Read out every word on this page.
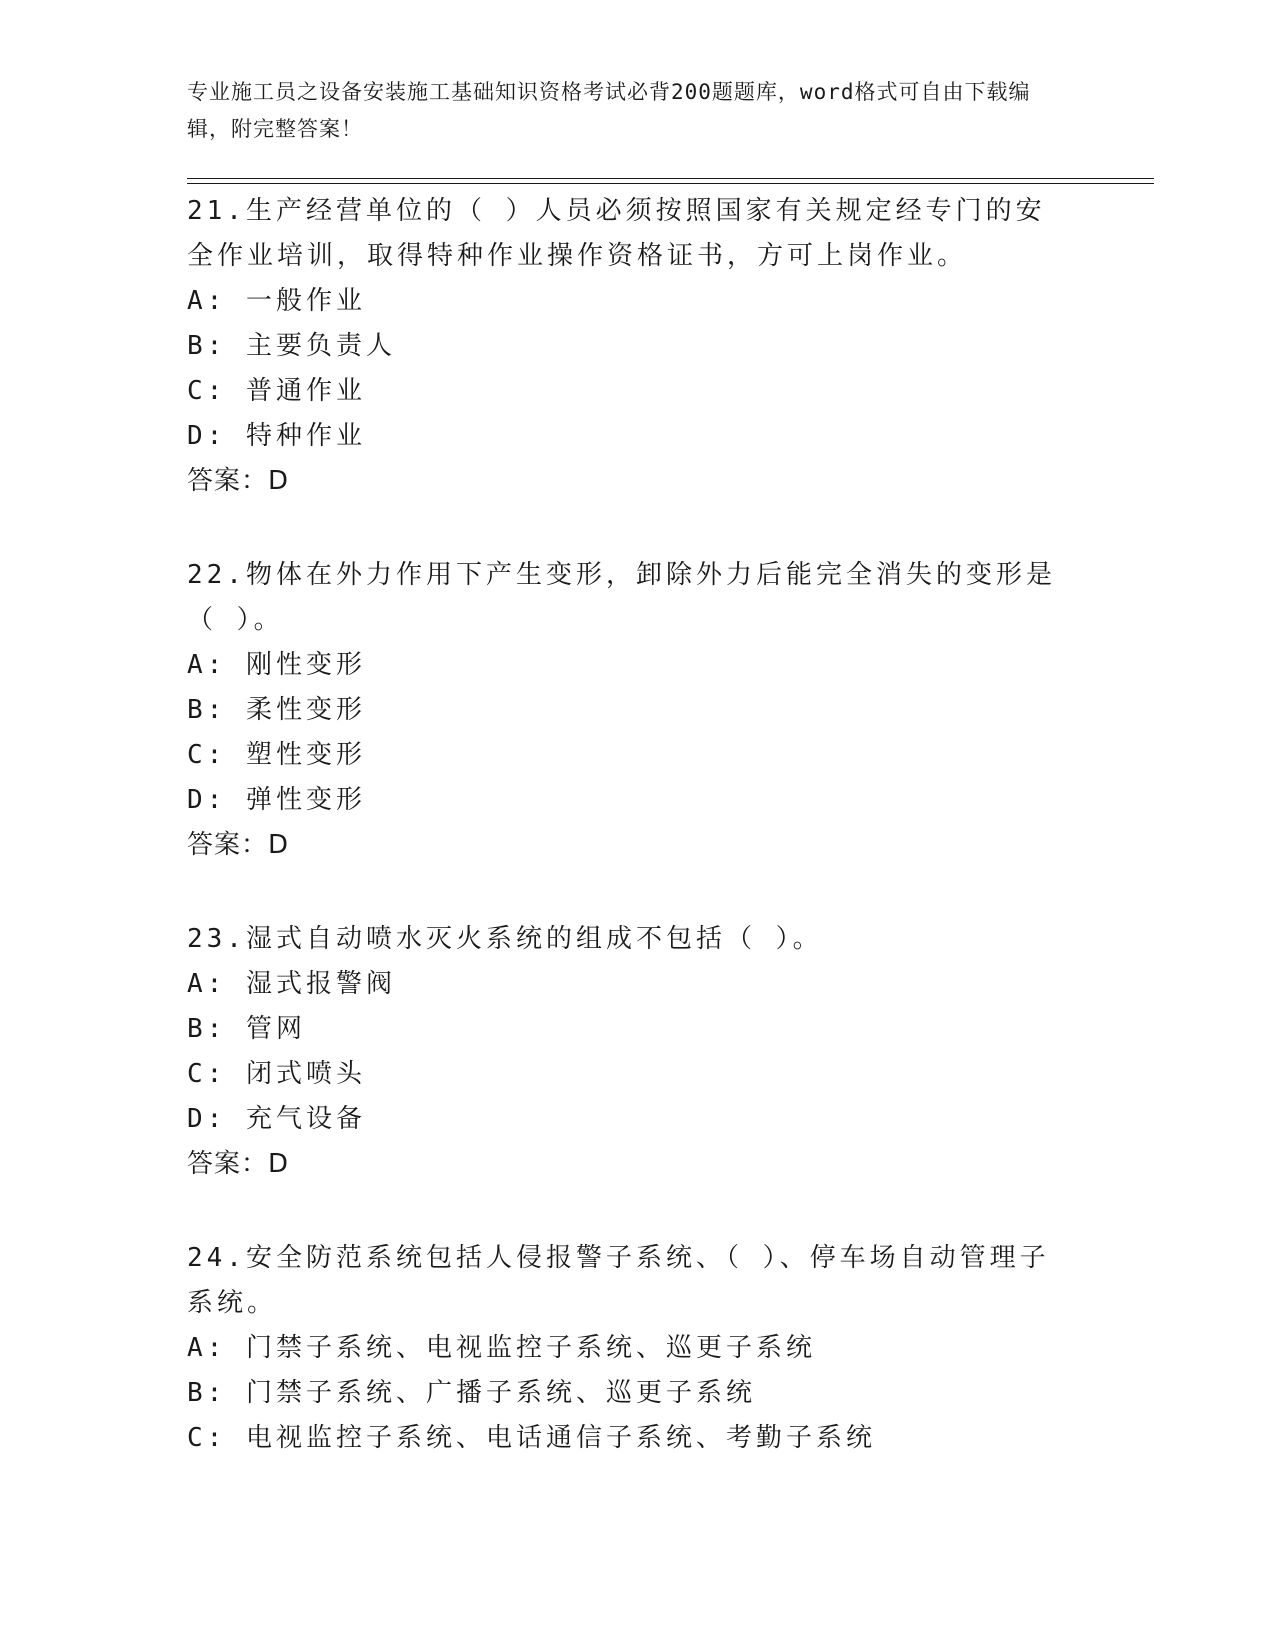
专业施工员之设备安装施工基础知识资格考试必背200题题库，word格式可自由下载编辑，附完整答案！

21.生产经营单位的（ ）人员必须按照国家有关规定经专门的安全作业培训，取得特种作业操作资格证书，方可上岗作业。

A: 一般作业

B: 主要负责人

C: 普通作业

D: 特种作业

答案：D

22.物体在外力作用下产生变形，卸除外力后能完全消失的变形是（ ）。

A: 刚性变形

B: 柔性变形

C: 塑性变形

D: 弹性变形

答案：D

23.湿式自动喷水灭火系统的组成不包括（ ）。

A: 湿式报警阀

B: 管网

C: 闭式喷头

D: 充气设备

答案：D

24.安全防范系统包括人侵报警子系统、（ ）、停车场自动管理子系统。

A: 门禁子系统、电视监控子系统、巡更子系统

B: 门禁子系统、广播子系统、巡更子系统

C: 电视监控子系统、电话通信子系统、考勤子系统
